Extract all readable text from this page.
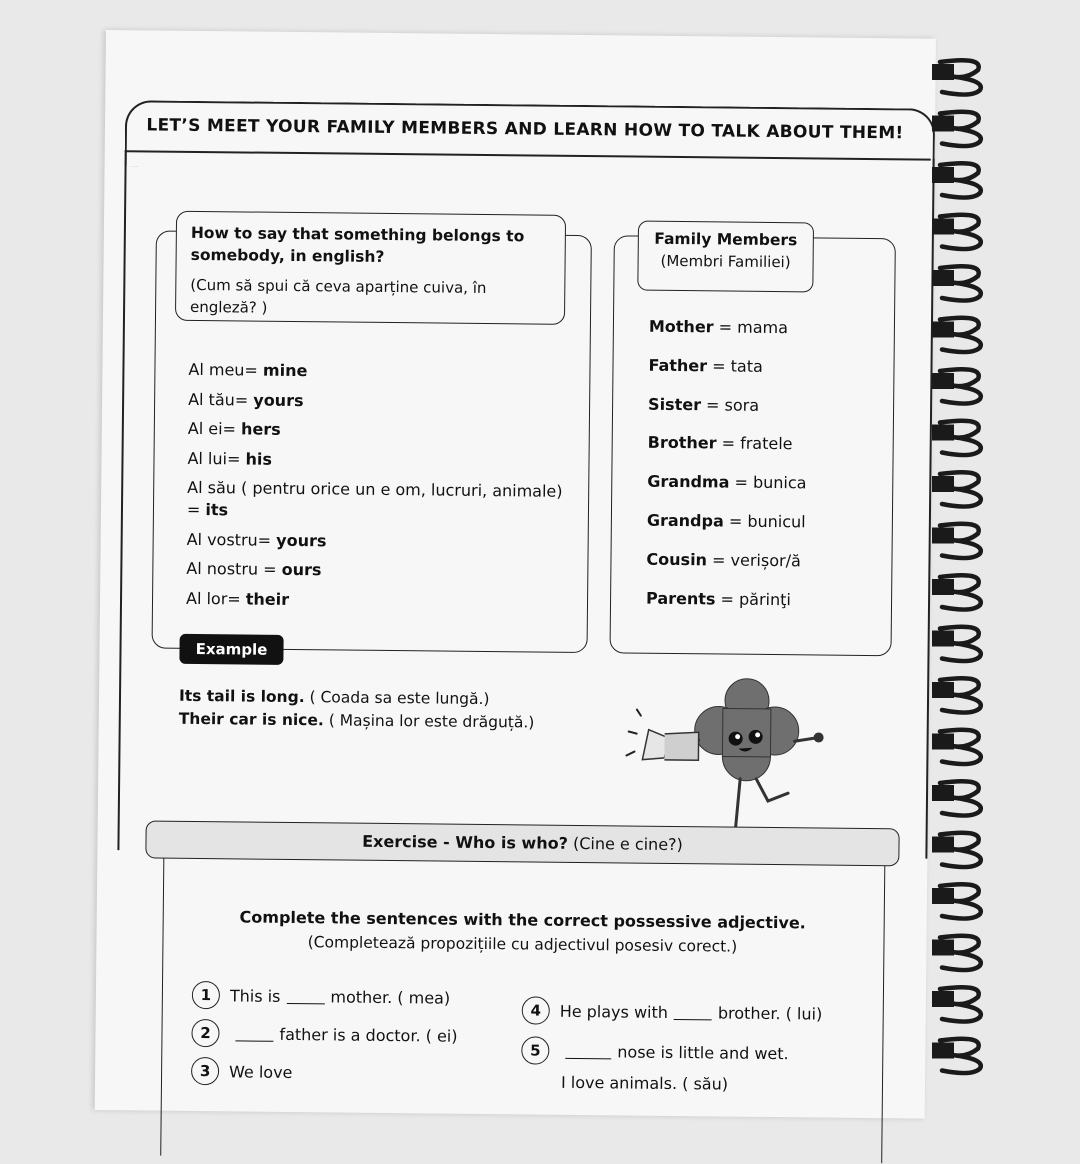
LET’S MEET YOUR FAMILY MEMBERS AND LEARN HOW TO TALK ABOUT THEM!
How to say that something belongs to somebody, in english?
(Cum să spui că ceva aparține cuiva, în engleză? )
Al meu= mine
Al tău= yours
Al ei= hers
Al lui= his
Al său ( pentru orice un e om, lucruri, animale) = its
Al vostru= yours
Al nostru = ours
Al lor= their
Example
Its tail is long. ( Coada sa este lungă.)
Their car is nice. ( Mașina lor este drăguță.)
Family Members
(Membri Familiei)
Mother = mama
Father = tata
Sister = sora
Brother = fratele
Grandma = bunica
Grandpa = bunicul
Cousin = verișor/ă
Parents = părinţi
Exercise - Who is who? (Cine e cine?)
Complete the sentences with the correct possessive adjective.
(Completează propozițiile cu adjectivul posesiv corect.)
1	This is	mother. ( mea)
2	father is a doctor. ( ei)
3	We love
4	He plays with	brother. ( lui)
5	nose is little and wet.
I love animals. ( său)
